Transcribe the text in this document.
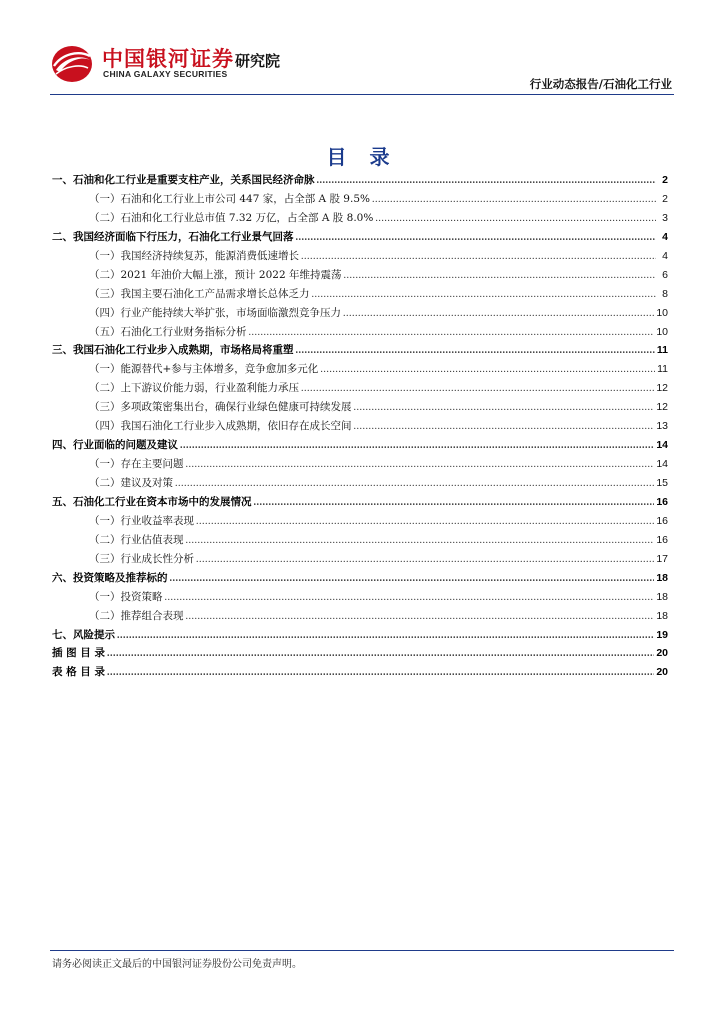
中国银河证券
CHINA GALAXY SECURITIES
研究院
行业动态报告/石油化工行业
目 录
一、石油和化工行业是重要支柱产业，关系国民经济命脉 .....	2
（一）石油和化工行业上市公司 447 家，占全部 A 股 9.5% .....	2
（二）石油和化工行业总市值 7.32 万亿，占全部 A 股 8.0% .....	3
二、我国经济面临下行压力，石油化工行业景气回落 .....	4
（一）我国经济持续复苏，能源消费低速增长 .....	4
（二）2021 年油价大幅上涨，预计 2022 年维持震荡 .....	6
（三）我国主要石油化工产品需求增长总体乏力 .....	8
（四）行业产能持续大举扩张，市场面临激烈竞争压力 .....	10
（五）石油化工行业财务指标分析 .....	10
三、我国石油化工行业步入成熟期，市场格局将重塑 .....	11
（一）能源替代+参与主体增多，竞争愈加多元化 .....	11
（二）上下游议价能力弱，行业盈利能力承压 .....	12
（三）多项政策密集出台，确保行业绿色健康可持续发展 .....	12
（四）我国石油化工行业步入成熟期，依旧存在成长空间 .....	13
四、行业面临的问题及建议 .....	14
（一）存在主要问题 .....	14
（二）建议及对策 .....	15
五、石油化工行业在资本市场中的发展情况 .....	16
（一）行业收益率表现 .....	16
（二）行业估值表现 .....	16
（三）行业成长性分析 .....	17
六、投资策略及推荐标的 .....	18
（一）投资策略 .....	18
（二）推荐组合表现 .....	18
七、风险提示 .....	19
插 图 目 录 .....	20
表 格 目 录 .....	20
请务必阅读正文最后的中国银河证券股份公司免责声明。
